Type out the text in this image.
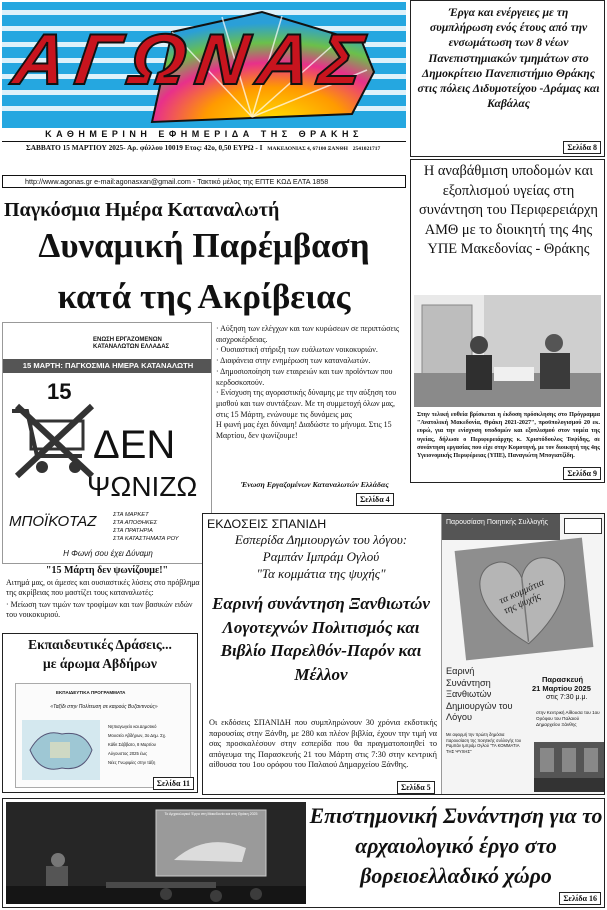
ΑΓΩΝΑΣ
ΚΑΘΗΜΕΡΙΝΗ ΕΦΗΜΕΡΙΔΑ ΤΗΣ ΘΡΑΚΗΣ
ΣΑΒΒΑΤΟ 15 ΜΑΡΤΙΟΥ 2025- Αρ. φύλλου 10019 Ετος: 42ο, 0,50 ΕΥΡΩ - Ι ΜΑΚΕΔΟΝΙΑΣ 4, 67100 ΞΑΝΘΗ 2541021717
http://www.agonas.gr e-mail:agonasxan@gmail.com - Τακτικό μέλος της ΕΠΤΕ ΚΩΔ ΕΛΤΑ 1858
Έργα και ενέργειες με τη συμπλήρωση ενός έτους από την ενσωμάτωση των 8 νέων Πανεπιστημιακών τμημάτων στο Δημοκρίτειο Πανεπιστήμιο Θράκης στις πόλεις Διδυμοτείχου -Δράμας και Καβάλας
Σελίδα 8
Η αναβάθμιση υποδομών και εξοπλισμού υγείας στη συνάντηση του Περιφερειάρχη ΑΜΘ με το διοικητή της 4ης ΥΠΕ Μακεδονίας - Θράκης
Στην τελική ευθεία βρίσκεται η έκδοση πρόσκλησης στο Πρόγραμμα "Ανατολική Μακεδονία, Θράκη 2021-2027", προϋπολογισμού 20 εκ. ευρώ, για την ενίσχυση υποδομών και εξοπλισμού στον τομέα της υγείας, δήλωσε ο Περιφερειάρχης κ. Χριστόδουλος Τοψίδης, σε συνάντηση εργασίας που είχε στην Κομοτηνή, με τον διοικητή της 4ης Υγειονομικής Περιφέρειας (ΥΠΕ), Παναγιώτη Μπογιατζίδη.
Σελίδα 9
Παγκόσμια Ημέρα Καταναλωτή
Δυναμική Παρέμβαση
κατά της Ακρίβειας
ΕΝΩΣΗ ΕΡΓΑΖΟΜΕΝΩΝ ΚΑΤΑΝΑΛΩΤΩΝ ΕΛΛΑΔΑΣ
15 ΜΑΡΤΗ: ΠΑΓΚΟΣΜΙΑ ΗΜΕΡΑ ΚΑΤΑΝΑΛΩΤΗ
15
ΔΕΝ
ΨΩΝΙΖΩ
ΜΠΟΪΚΟΤΑΖ	ΣΤΑ ΜΑΡΚΕΤ
ΣΤΑ ΑΠΟΘΗΚΕΣ
ΣΤΑ ΠΡΑΤΗΡΙΑ
ΣΤΑ ΚΑΤΑΣΤΗΜΑΤΑ ΡΟΥ
Η Φωνή σου έχει Δύναμη
· Αύξηση των ελέγχων και των κυρώσεων σε περιπτώσεις αισχροκέρδειας.
· Ουσιαστική στήριξη των ευάλωτων νοικοκυριών.
· Διαφάνεια στην ενημέρωση των καταναλωτών.
· Δημοσιοποίηση των εταιρειών και των προϊόντων που κερδοσκοπούν.
· Ενίσχυση της αγοραστικής δύναμης με την αύξηση του μισθού και των συντάξεων. Με τη συμμετοχή όλων μας, στις 15 Μάρτη, ενώνουμε τις δυνάμεις μας
Η φωνή μας έχει δύναμη! Διαδώστε το μήνυμα. Στις 15 Μαρτίου, δεν ψωνίζουμε!
Ένωση Εργαζομένων Καταναλωτών Ελλάδας
Σελίδα 4
"15 Μάρτη δεν ψωνίζουμε!"
Αιτημά μας, οι άμεσες και ουσιαστικές λύσεις στο πρόβλημα της ακρίβειας που μαστίζει τους καταναλωτές:
· Μείωση των τιμών των τροφίμων και των βασικών ειδών του νοικοκυριού.
Εκπαιδευτικές Δράσεις...
με άρωμα Αβδήρων
ΕΚΠΑΙΔΕΥΤΙΚΑ ΠΡΟΓΡΑΜΜΑΤΑ
«Ταξίδι στην Πολίτευση σε καιρούς Βυζαντινούς»
Νηπιαγωγείο και Δημοτικό
Μουσείο Αβδήρων, 3ο Δημ. Σχ.
Κάθε Σάββατο, 8 Μαρτίου
Αύγουστος 2025 έως
Νέες Γνωριμίες στην τάξη
Σελίδα 11
ΕΚΔΟΣΕΙΣ ΣΠΑΝΙΔΗ
Εσπερίδα Δημιουργών του λόγου:
Ραμπάν Ιμπράμ Ογλού
"Τα κομμάτια της ψυχής"
Εαρινή συνάντηση Ξανθιωτών Λογοτεχνών Πολιτισμός και Βιβλίο Παρελθόν-Παρόν και Μέλλον
Οι εκδόσεις ΣΠΑΝΙΔΗ που συμπληρώνουν 30 χρόνια εκδοτικής παρουσίας στην Ξάνθη, με 280 και πλέον βιβλία, έχουν την τιμή να σας προσκαλέσουν στην εσπερίδα που θα πραγματοποιηθεί το απόγευμα της Παρασκευής 21 του Μάρτη στις 7:30 στην κεντρική αίθουσα του 1ου ορόφου του Παλαιού Δημαρχείου Ξάνθης.
Σελίδα 5
Παρουσίαση Ποιητικής Συλλογής
τα κομμάτια της ψυχής
Εαρινή Συνάντηση Ξανθιωτών Δημιουργών του Λόγου
Παρασκευή
21 Μαρτίου 2025
στις 7:30 μ.μ.
στην Κεντρική Αίθουσα του 1ου Ορόφου του Παλαιού Δημαρχείου Ξάνθης
Με αφορμή την πρώτη δημόσια παρουσίαση της ποιητικής συλλογής του Ραμπάν Ιμπράμ Ογλού "ΤΑ ΚΟΜΜΑΤΙΑ ΤΗΣ ΨΥΧΗΣ"
Το Αρχαιολογικό Έργο στη Μακεδονία και στη Θράκη 2025 Επιστημονική Συνάντηση για το αρχαιολογικό έργο στο βορειοελλαδικό χώρο
Σελίδα 16
